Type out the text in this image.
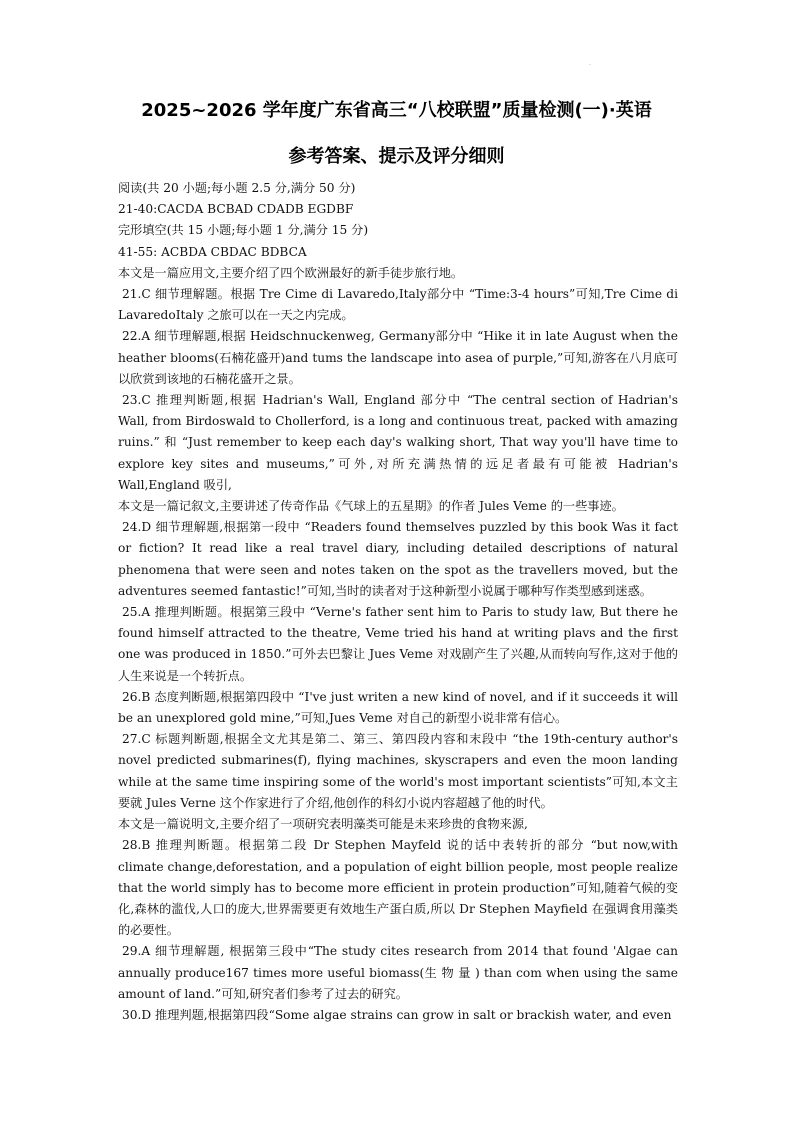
·
2025~2026 学年度广东省高三“八校联盟”质量检测(一)·英语
参考答案、提示及评分细则

阅读(共 20 小题;每小题 2.5 分,满分 50 分)

21-40:CACDA BCBAD CDADB EGDBF

完形填空(共 15 小题;每小题 1 分,满分 15 分)

41-55: ACBDA CBDAC BDBCA

本文是一篇应用文,主要介绍了四个欧洲最好的新手徒步旅行地。

21.C 细节理解题。根据 Tre Cime di Lavaredo,Italy部分中 “Time:3-4 hours”可知,Tre Cime di LavaredoItaly 之旅可以在一天之内完成。

22.A 细节理解题,根据 Heidschnuckenweg, Germany部分中 “Hike it in late August when the heather blooms(石楠花盛开)and tums the landscape into asea of purple,”可知,游客在八月底可以欣赏到该地的石楠花盛开之景。

23.C 推理判断题,根据 Hadrian's Wall, England 部分中 “The central section of Hadrian's Wall, from Birdoswald to Chollerford, is a long and continuous treat, packed with amazing ruins.” 和 “Just remember to keep each day's walking short, That way you'll have time to explore key sites and museums,”可外,对所充满热情的远足者最有可能被 Hadrian's Wall,England 吸引,

本文是一篇记叙文,主要讲述了传奇作品《气球上的五星期》的作者 Jules Veme 的一些事迹。

24.D 细节理解题,根据第一段中 “Readers found themselves puzzled by this book Was it fact or fiction? It read like a real travel diary, including detailed descriptions of natural phenomena that were seen and notes taken on the spot as the travellers moved, but the adventures seemed fantastic!”可知,当时的读者对于这种新型小说属于哪种写作类型感到迷惑。

25.A 推理判断题。根据第三段中 “Verne's father sent him to Paris to study law, But there he found himself attracted to the theatre, Veme tried his hand at writing plavs and the first one was produced in 1850.”可外去巴黎让 Jues Veme 对戏剧产生了兴趣,从而转向写作,这对于他的人生来说是一个转折点。

26.B 态度判断题,根据第四段中 “I've just writen a new kind of novel, and if it succeeds it will be an unexplored gold mine,”可知,Jues Veme 对自己的新型小说非常有信心。

27.C 标题判断题,根据全文尤其是第二、第三、第四段内容和末段中 “the 19th-century author's novel predicted submarines(f), flying machines, skyscrapers and even the moon landing while at the same time inspiring some of the world's most important scientists”可知,本文主要就 Jules Verne 这个作家进行了介绍,他创作的科幻小说内容超越了他的时代。

本文是一篇说明文,主要介绍了一项研究表明藻类可能是未来珍贵的食物来源,

28.B 推理判断题。根据第二段 Dr Stephen Mayfeld 说的话中表转折的部分 “but now,with climate change,deforestation, and a population of eight billion people, most people realize that the world simply has to become more efficient in protein production”可知,随着气候的变化,森林的滥伐,人口的庞大,世界需要更有效地生产蛋白质,所以 Dr Stephen Mayfield 在强调食用藻类的必要性。

29.A 细节理解题, 根据第三段中“The study cites research from 2014 that found 'Algae can annually produce167 times more useful biomass(生 物 量 ) than com when using the same amount of land.”可知,研究者们参考了过去的研究。

30.D 推理判题,根据第四段“Some algae strains can grow in salt or brackish water, and even
